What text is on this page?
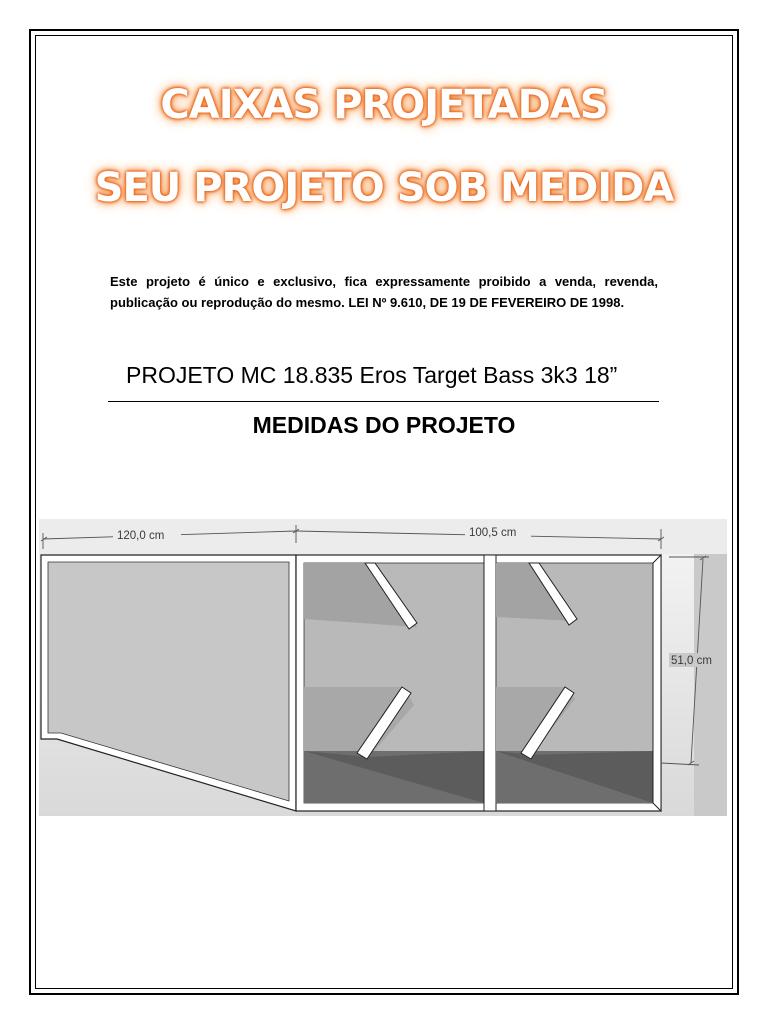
CAIXAS PROJETADAS
SEU PROJETO SOB MEDIDA

Este projeto é único e exclusivo, fica expressamente proibido a venda, revenda, publicação ou reprodução do mesmo. LEI Nº 9.610, DE 19 DE FEVEREIRO DE 1998.

PROJETO MC 18.835 Eros Target Bass 3k3 18”

MEDIDAS DO PROJETO
120,0 cm	100,5 cm
51,0 cm
